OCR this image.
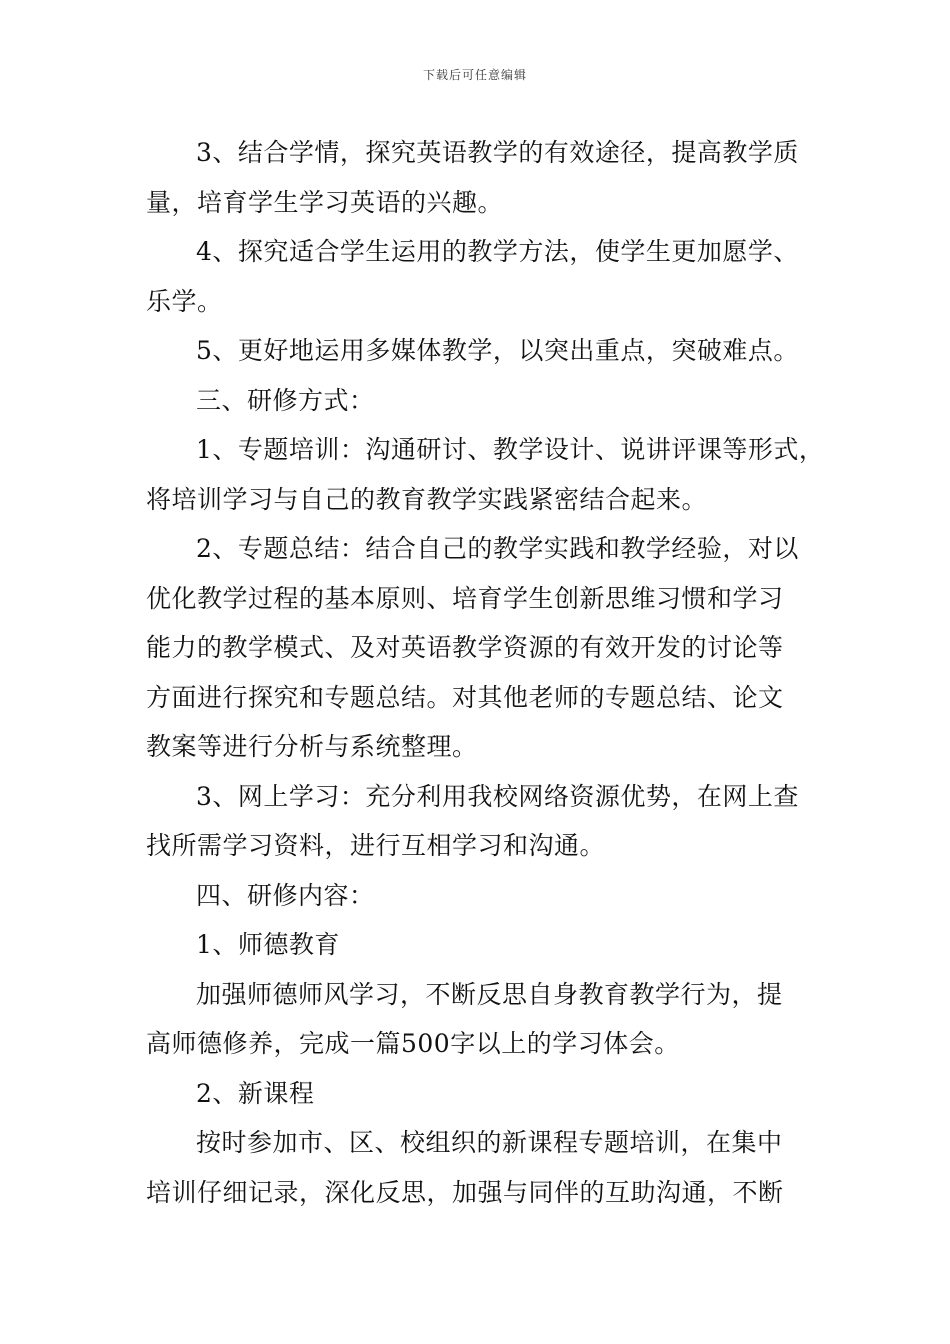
下载后可任意编辑

3、结合学情，探究英语教学的有效途径，提高教学质

量，培育学生学习英语的兴趣。

4、探究适合学生运用的教学方法，使学生更加愿学、

乐学。

5、更好地运用多媒体教学，以突出重点，突破难点。

三、研修方式：

1、专题培训：沟通研讨、教学设计、说讲评课等形式，

将培训学习与自己的教育教学实践紧密结合起来。

2、专题总结：结合自己的教学实践和教学经验，对以

优化教学过程的基本原则、培育学生创新思维习惯和学习

能力的教学模式、及对英语教学资源的有效开发的讨论等

方面进行探究和专题总结。对其他老师的专题总结、论文

教案等进行分析与系统整理。

3、网上学习：充分利用我校网络资源优势，在网上查

找所需学习资料，进行互相学习和沟通。

四、研修内容：

1、师德教育

加强师德师风学习，不断反思自身教育教学行为，提

高师德修养，完成一篇500字以上的学习体会。

2、新课程

按时参加市、区、校组织的新课程专题培训，在集中

培训仔细记录，深化反思，加强与同伴的互助沟通，不断
